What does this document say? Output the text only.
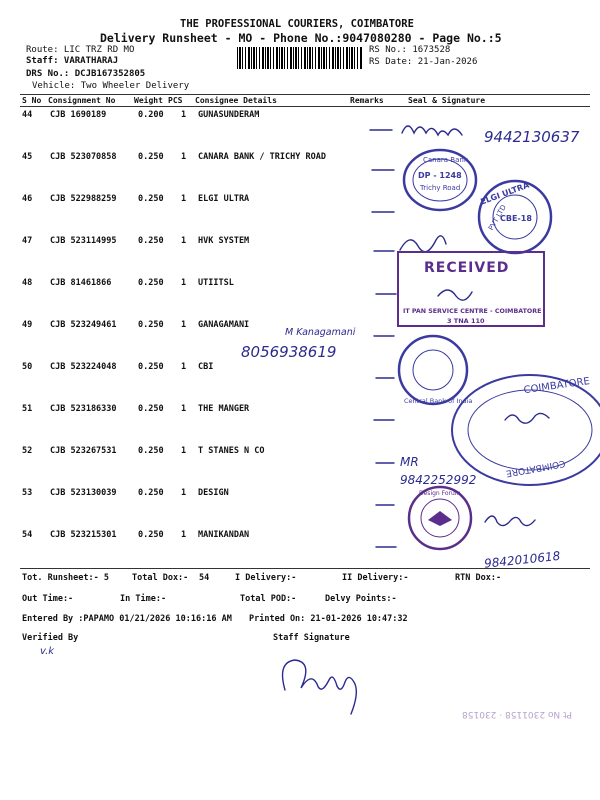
THE PROFESSIONAL COURIERS, COIMBATORE
Delivery Runsheet - MO - Phone No.:9047080280 - Page No.:5
Route: LIC TRZ RD MO
Staff: VARATHARAJ
DRS No.: DCJB167352805
Vehicle: Two Wheeler Delivery
RS No.: 1673528
RS Date: 21-Jan-2026
S No Consignment No Weight PCS Consignee Details	Remarks	Seal & Signature
44 CJB 1690189	0.200 1 GUNASUNDERAM
45 CJB 523070858	0.250 1 CANARA BANK / TRICHY ROAD
46 CJB 522988259	0.250 1 ELGI ULTRA
47 CJB 523114995	0.250 1 HVK SYSTEM
48 CJB 81461866	0.250 1 UTIITSL
49 CJB 523249461	0.250 1 GANAGAMANI
50 CJB 523224048	0.250 1 CBI
51 CJB 523186330	0.250 1 THE MANGER
52 CJB 523267531	0.250 1 T STANES N CO
53 CJB 523130039	0.250 1 DESIGN
54 CJB 523215301	0.250 1 MANIKANDAN
Tot. Runsheet:- 5	Total Dox:- 54	I Delivery:-	II Delivery:-	RTN Dox:-
Out Time:-	In Time:-	Total POD:-	Delvy Points:-
Entered By :PAPAMO 01/21/2026 10:16:16 AM Printed On: 21-01-2026 10:47:32
Verified By	Staff Signature
9442130637
Canara Bank
DP - 1248
Trichy Road ELGI ULTRA
CBE-18
PVT LTD
RECEIVED
IT PAN SERVICE CENTRE - COIMBATORE
3 TNA 110
M Kanagamani
8056938619
Central Bank of India
COIMBATORE
COIMBATORE
MR
9842252992
Design Forum
9842010618
v.k
Pt No 2301158 · 230158
